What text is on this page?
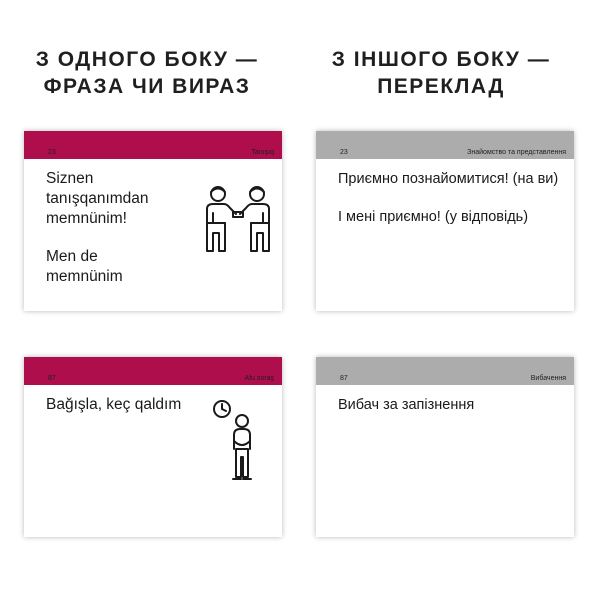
З ОДНОГО БОКУ —
ФРАЗА ЧИ ВИРАЗ
З ІНШОГО БОКУ —
ПЕРЕКЛАД
23	Tanışıq
Siznen tanışqanımdan memnünim!
Men de memnünim
23	Знайомство та представлення
Приємно познайомитися! (на ви)
І мені приємно! (у відповідь)
87	Afu soraş
Bağışla, keç qaldım
87	Вибачення
Вибач за запізнення
